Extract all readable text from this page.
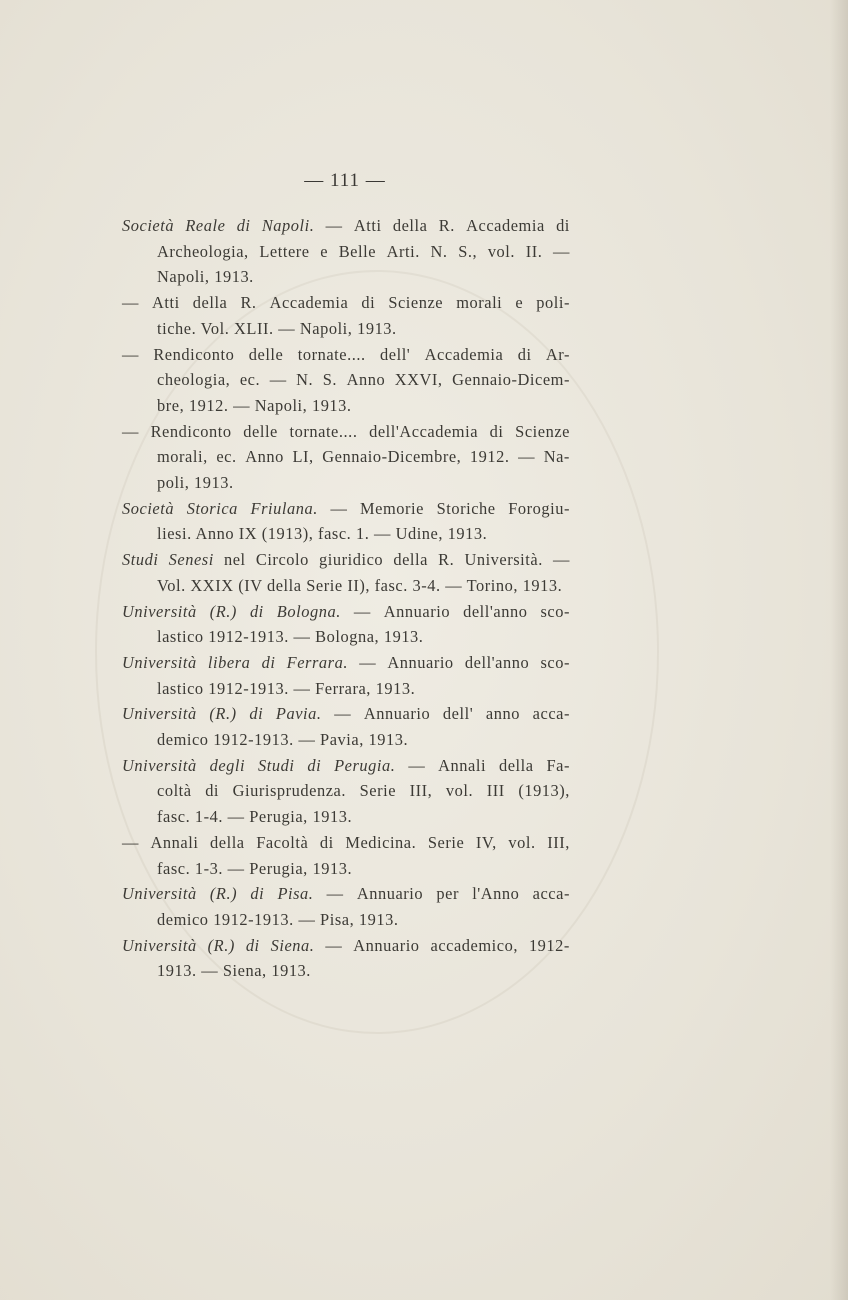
— 111 —
Società Reale di Napoli. — Atti della R. Accademia di
Archeologia, Lettere e Belle Arti. N. S., vol. II. —
Napoli, 1913.
— Atti della R. Accademia di Scienze morali e poli-
tiche. Vol. XLII. — Napoli, 1913.
— Rendiconto delle tornate.... dell' Accademia di Ar-
cheologia, ec. — N. S. Anno XXVI, Gennaio-Dicem-
bre, 1912. — Napoli, 1913.
— Rendiconto delle tornate.... dell'Accademia di Scienze
morali, ec. Anno LI, Gennaio-Dicembre, 1912. — Na-
poli, 1913.
Società Storica Friulana. — Memorie Storiche Forogiu-
liesi. Anno IX (1913), fasc. 1. — Udine, 1913.
Studi Senesi nel Circolo giuridico della R. Università. —
Vol. XXIX (IV della Serie II), fasc. 3-4. — Torino, 1913.
Università (R.) di Bologna. — Annuario dell'anno sco-
lastico 1912-1913. — Bologna, 1913.
Università libera di Ferrara. — Annuario dell'anno sco-
lastico 1912-1913. — Ferrara, 1913.
Università (R.) di Pavia. — Annuario dell' anno acca-
demico 1912-1913. — Pavia, 1913.
Università degli Studi di Perugia. — Annali della Fa-
coltà di Giurisprudenza. Serie III, vol. III (1913),
fasc. 1-4. — Perugia, 1913.
— Annali della Facoltà di Medicina. Serie IV, vol. III,
fasc. 1-3. — Perugia, 1913.
Università (R.) di Pisa. — Annuario per l'Anno acca-
demico 1912-1913. — Pisa, 1913.
Università (R.) di Siena. — Annuario accademico, 1912-
1913. — Siena, 1913.
